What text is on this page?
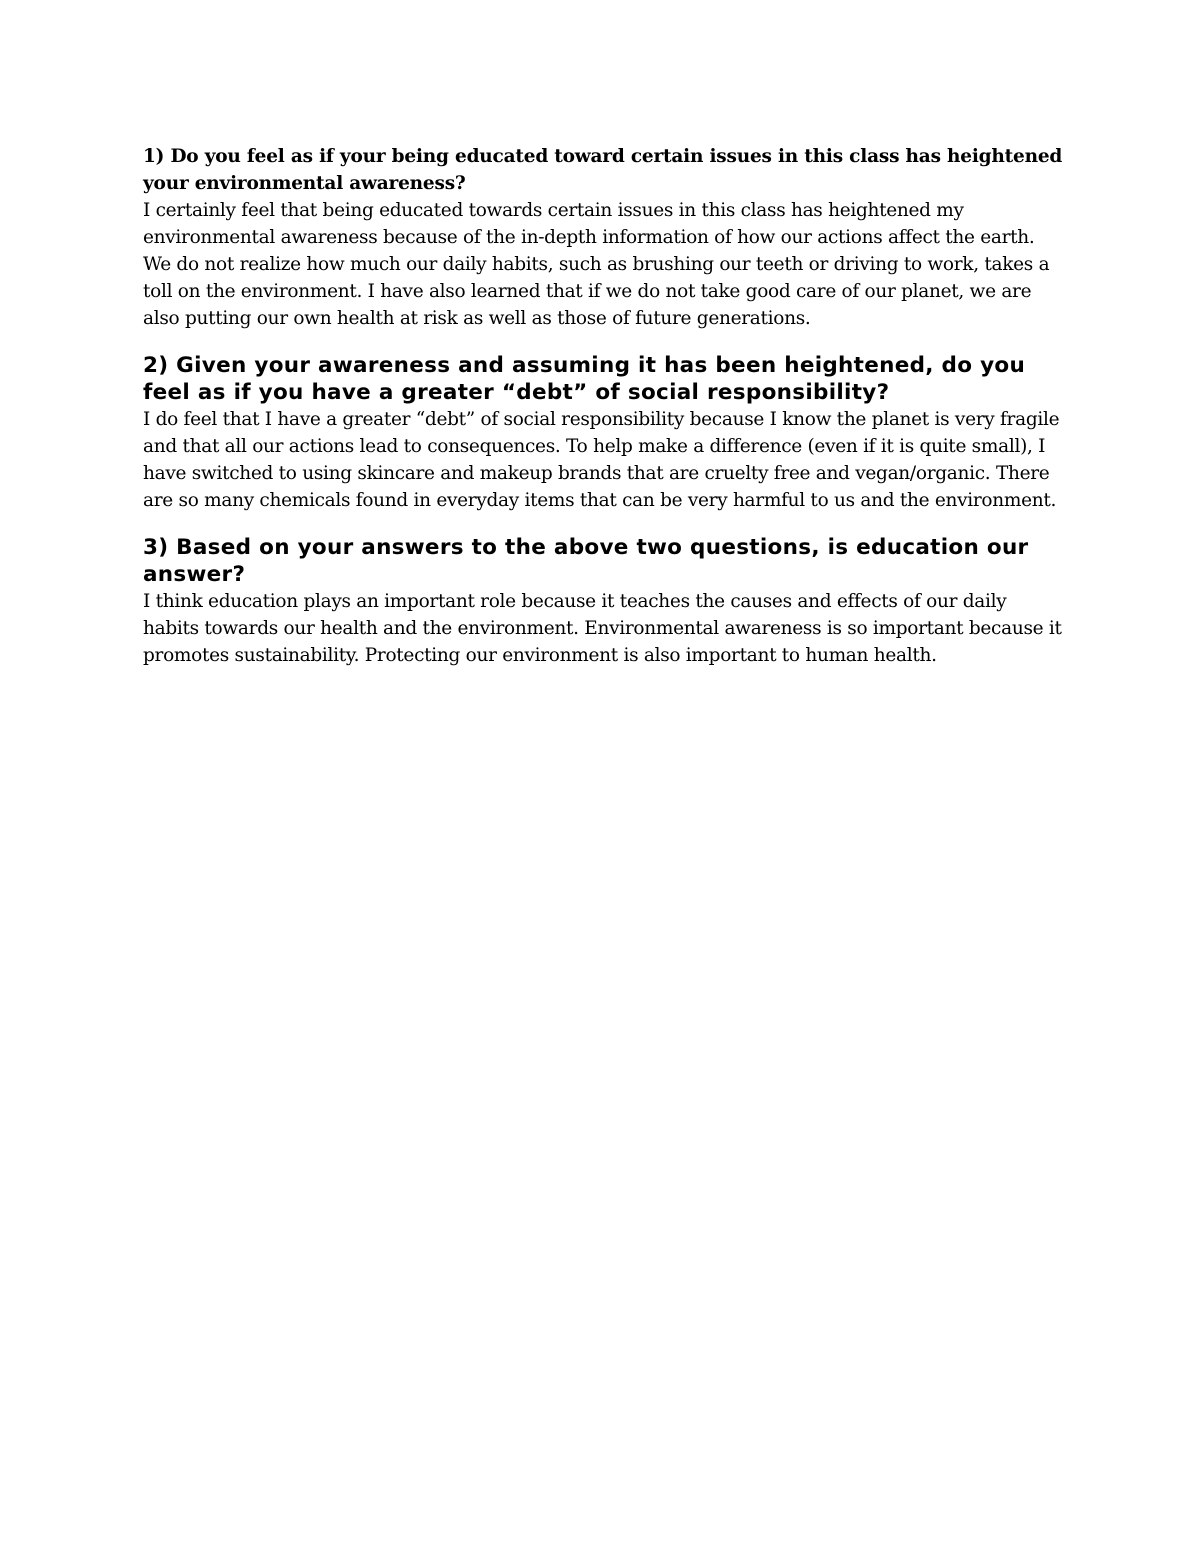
1) Do you feel as if your being educated toward certain issues in this class has heightened your environmental awareness?

I certainly feel that being educated towards certain issues in this class has heightened my environmental awareness because of the in-depth information of how our actions affect the earth. We do not realize how much our daily habits, such as brushing our teeth or driving to work, takes a toll on the environment. I have also learned that if we do not take good care of our planet, we are also putting our own health at risk as well as those of future generations.

2) Given your awareness and assuming it has been heightened, do you feel as if you have a greater “debt” of social responsibility?

I do feel that I have a greater “debt” of social responsibility because I know the planet is very fragile and that all our actions lead to consequences. To help make a difference (even if it is quite small), I have switched to using skincare and makeup brands that are cruelty free and vegan/organic. There are so many chemicals found in everyday items that can be very harmful to us and the environment.

3) Based on your answers to the above two questions, is education our answer?

I think education plays an important role because it teaches the causes and effects of our daily habits towards our health and the environment. Environmental awareness is so important because it promotes sustainability. Protecting our environment is also important to human health.
